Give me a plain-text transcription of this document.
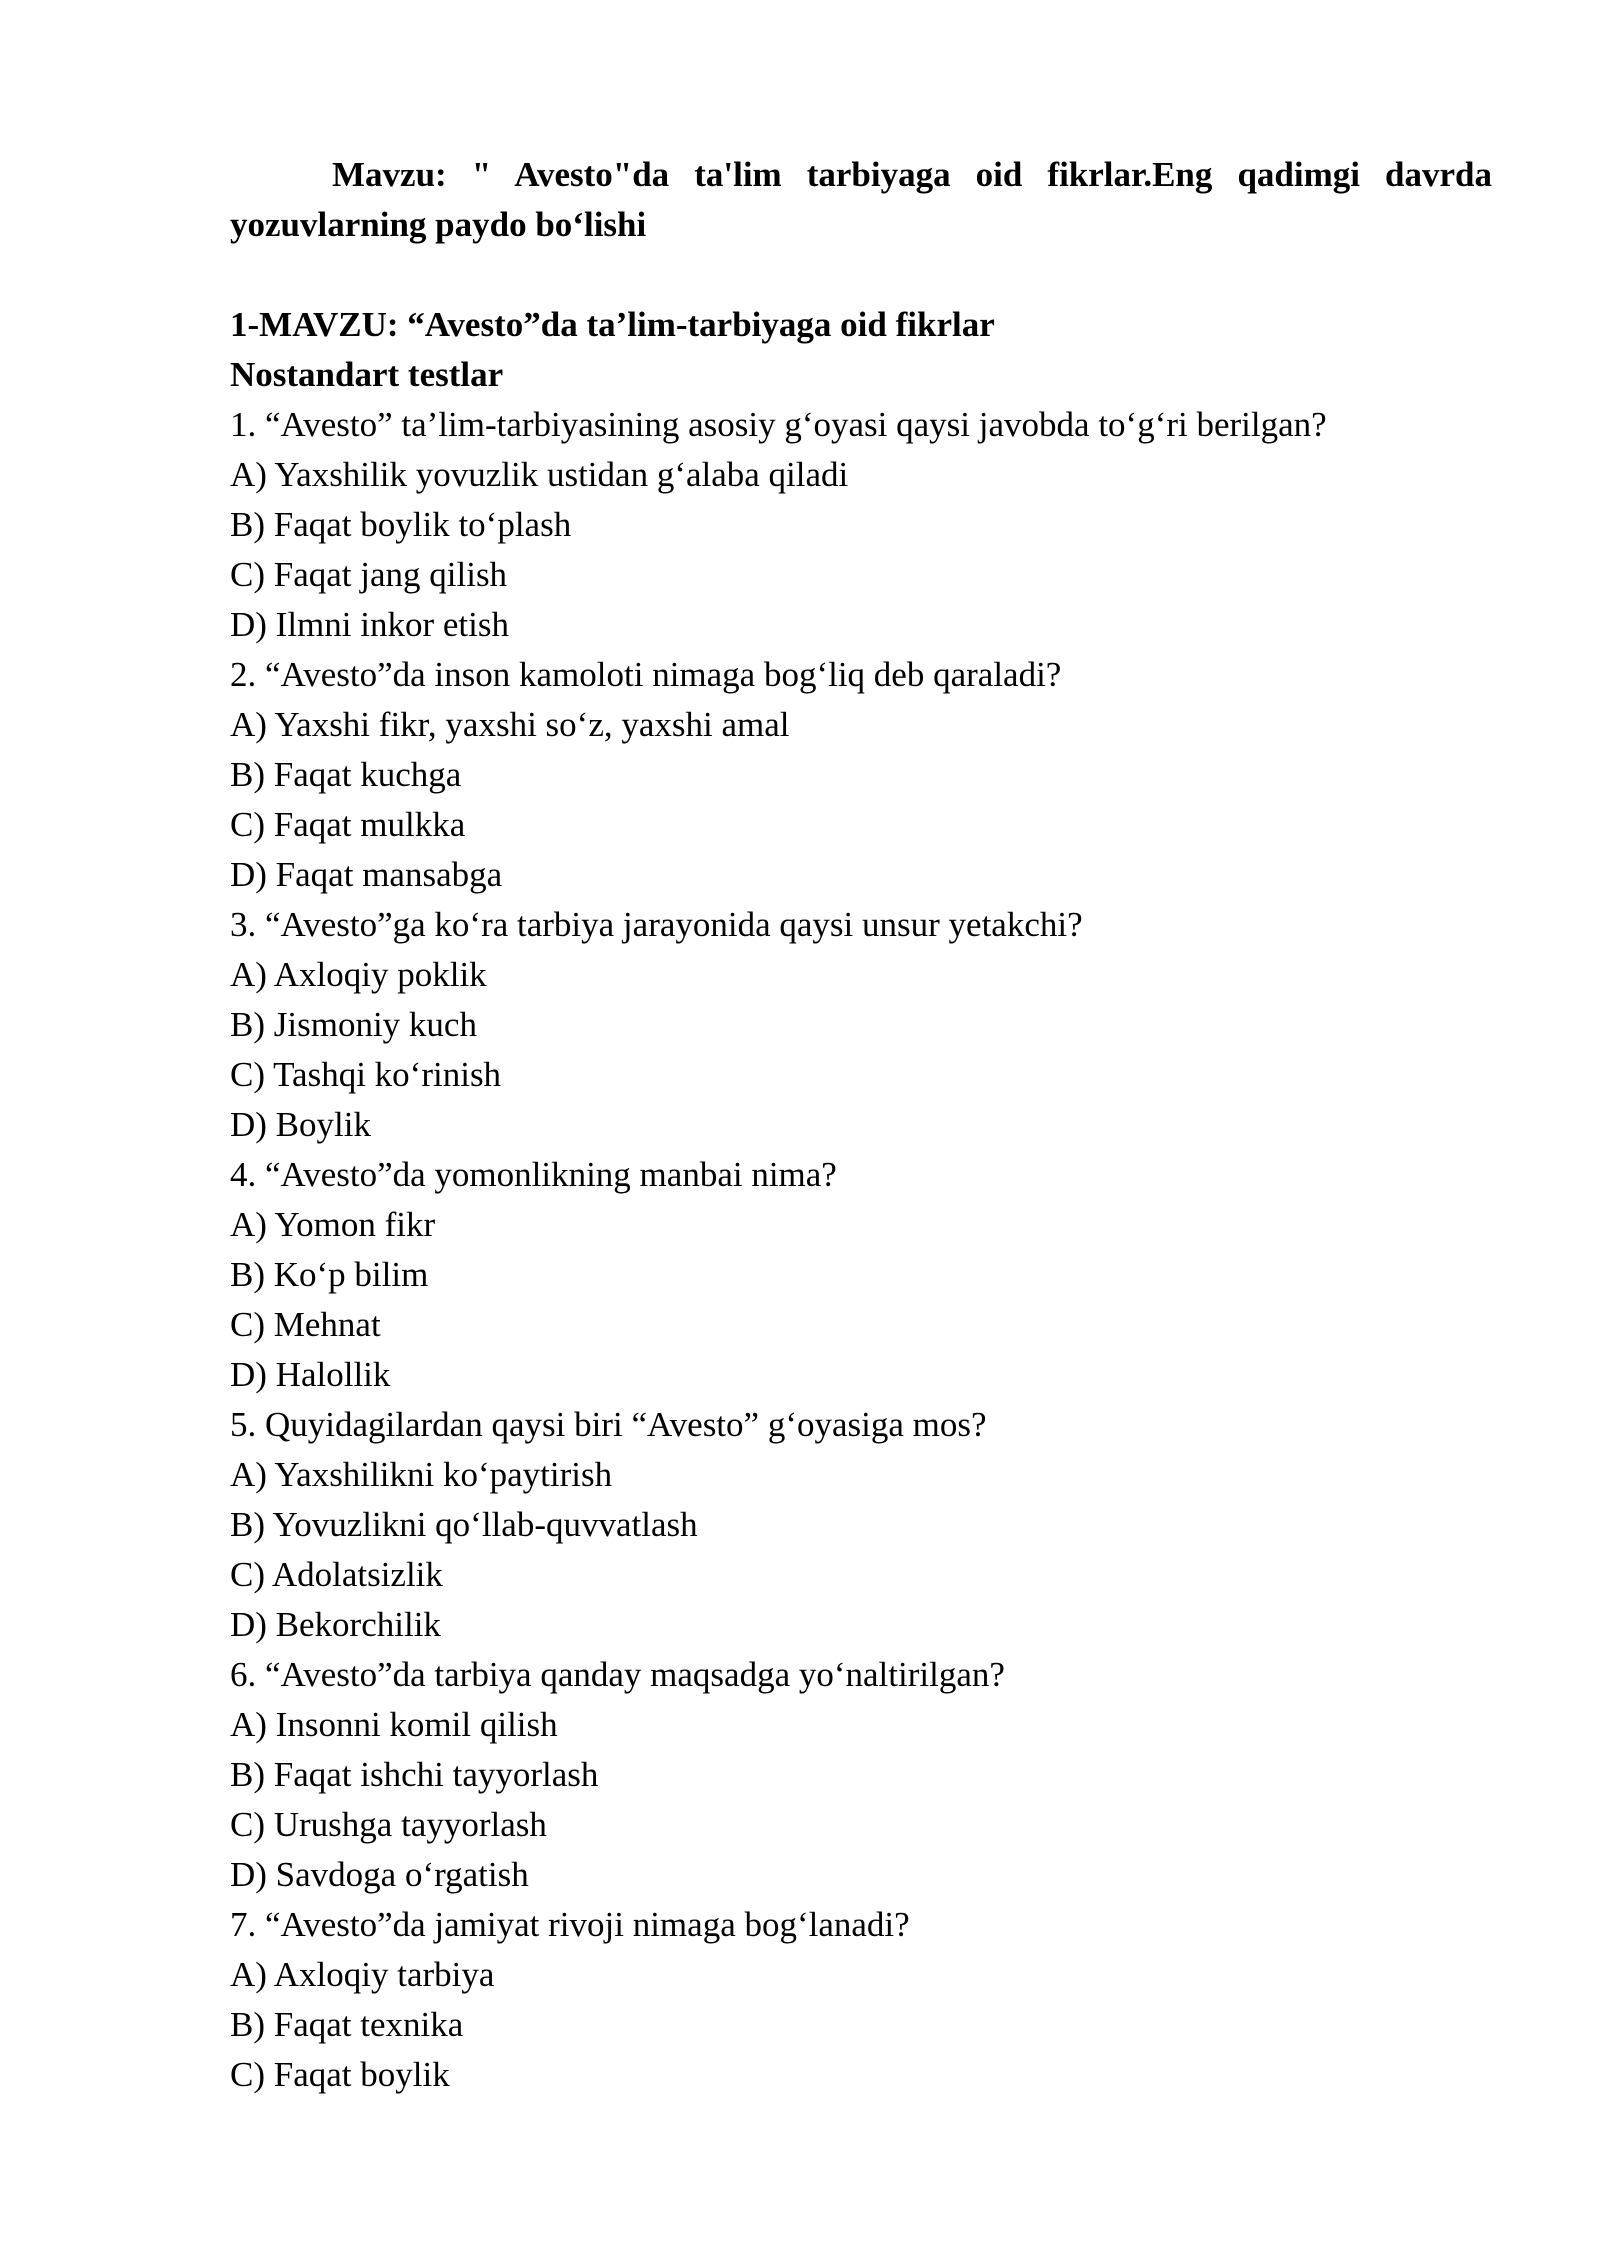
Mavzu: " Avesto"da ta'lim tarbiyaga oid fikrlar.Eng qadimgi davrda yozuvlarning paydo bo‘lishi

1-MAVZU: “Avesto”da ta’lim-tarbiyaga oid fikrlar

Nostandart testlar

1. “Avesto” ta’lim-tarbiyasining asosiy g‘oyasi qaysi javobda to‘g‘ri berilgan?

A) Yaxshilik yovuzlik ustidan g‘alaba qiladi

B) Faqat boylik to‘plash

C) Faqat jang qilish

D) Ilmni inkor etish

2. “Avesto”da inson kamoloti nimaga bog‘liq deb qaraladi?

A) Yaxshi fikr, yaxshi so‘z, yaxshi amal

B) Faqat kuchga

C) Faqat mulkka

D) Faqat mansabga

3. “Avesto”ga ko‘ra tarbiya jarayonida qaysi unsur yetakchi?

A) Axloqiy poklik

B) Jismoniy kuch

C) Tashqi ko‘rinish

D) Boylik

4. “Avesto”da yomonlikning manbai nima?

A) Yomon fikr

B) Ko‘p bilim

C) Mehnat

D) Halollik

5. Quyidagilardan qaysi biri “Avesto” g‘oyasiga mos?

A) Yaxshilikni ko‘paytirish

B) Yovuzlikni qo‘llab-quvvatlash

C) Adolatsizlik

D) Bekorchilik

6. “Avesto”da tarbiya qanday maqsadga yo‘naltirilgan?

A) Insonni komil qilish

B) Faqat ishchi tayyorlash

C) Urushga tayyorlash

D) Savdoga o‘rgatish

7. “Avesto”da jamiyat rivoji nimaga bog‘lanadi?

A) Axloqiy tarbiya

B) Faqat texnika

C) Faqat boylik
